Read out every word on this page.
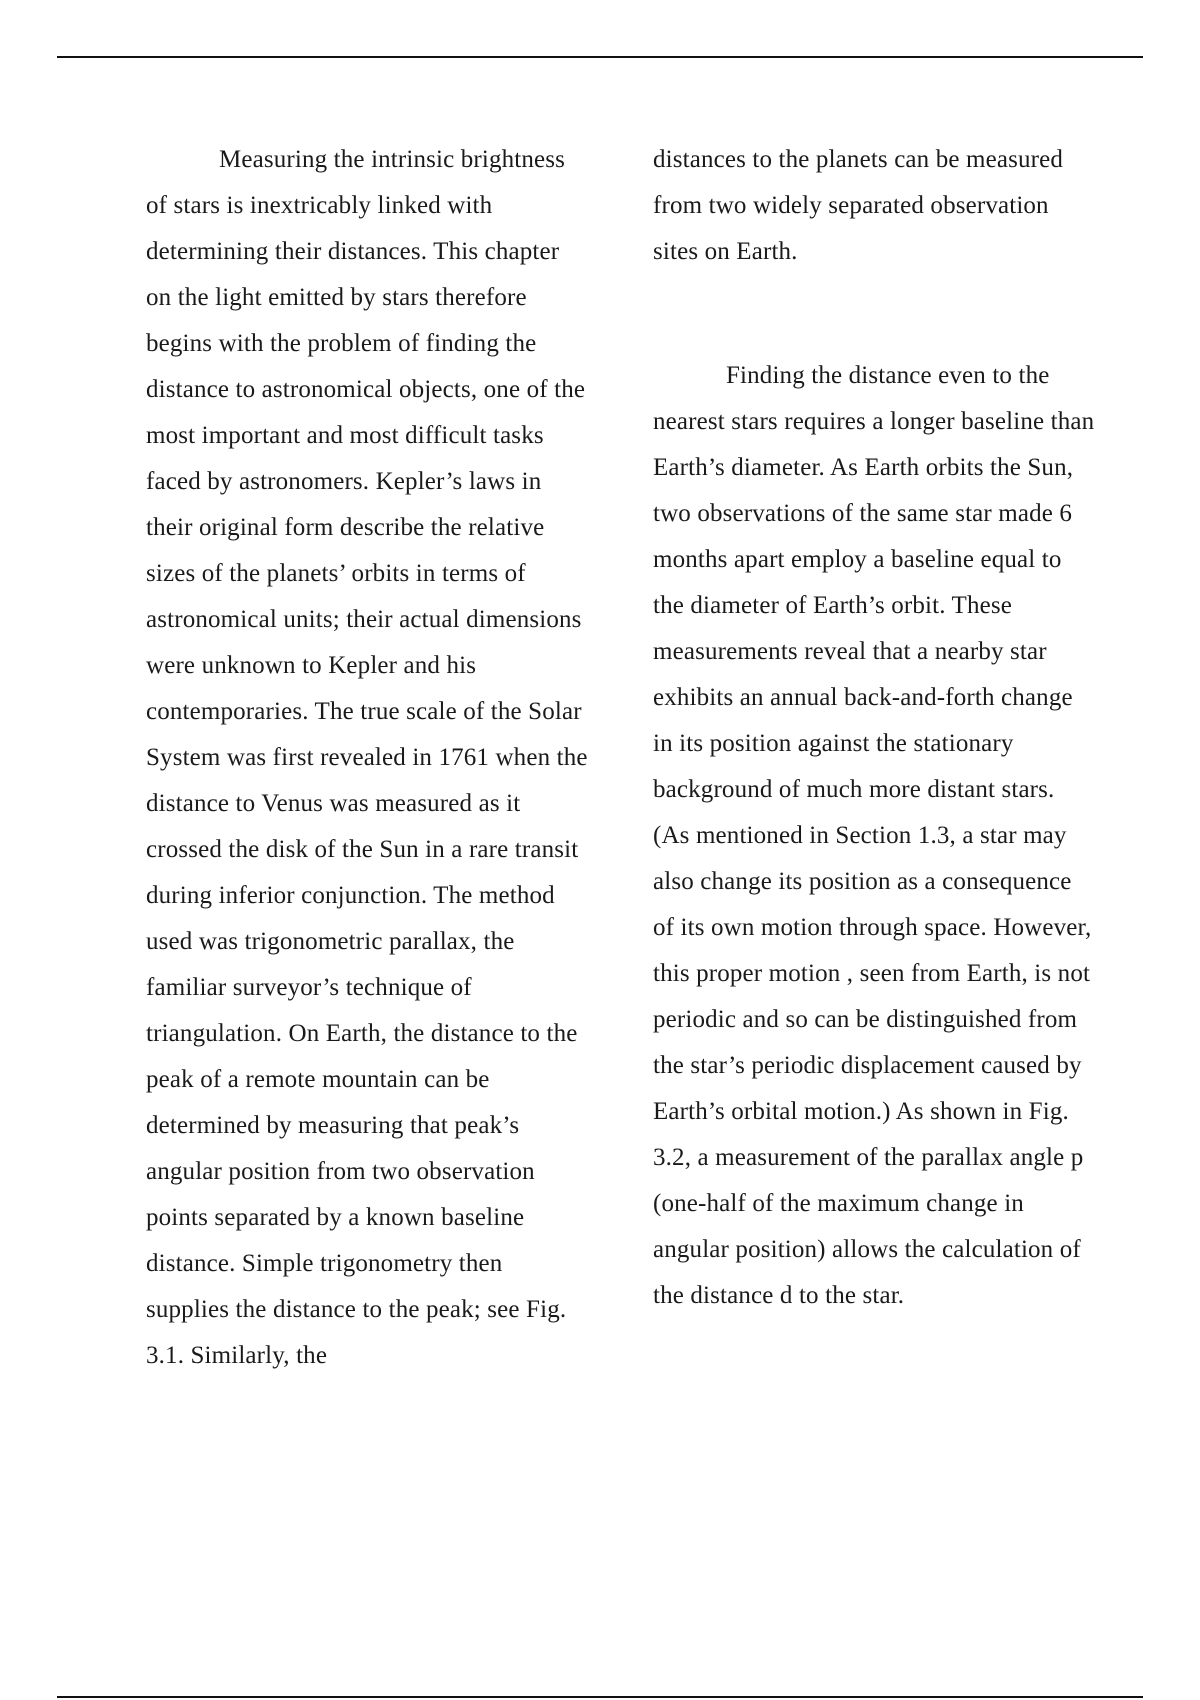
Measuring the intrinsic brightness of stars is inextricably linked with determining their distances. This chapter on the light emitted by stars therefore begins with the problem of finding the distance to astronomical objects, one of the most important and most difficult tasks faced by astronomers. Kepler’s laws in their original form describe the relative sizes of the planets’ orbits in terms of astronomical units; their actual dimensions were unknown to Kepler and his contemporaries. The true scale of the Solar System was first revealed in 1761 when the distance to Venus was measured as it crossed the disk of the Sun in a rare transit during inferior conjunction. The method used was trigonometric parallax, the familiar surveyor’s technique of triangulation. On Earth, the distance to the peak of a remote mountain can be determined by measuring that peak’s angular position from two observation points separated by a known baseline distance. Simple trigonometry then supplies the distance to the peak; see Fig. 3.1. Similarly, the

distances to the planets can be measured from two widely separated observation sites on Earth.

Finding the distance even to the nearest stars requires a longer baseline than Earth’s diameter. As Earth orbits the Sun, two observations of the same star made 6 months apart employ a baseline equal to the diameter of Earth’s orbit. These measurements reveal that a nearby star exhibits an annual back-and-forth change in its position against the stationary background of much more distant stars. (As mentioned in Section 1.3, a star may also change its position as a consequence of its own motion through space. However, this proper motion , seen from Earth, is not periodic and so can be distinguished from the star’s periodic displacement caused by Earth’s orbital motion.) As shown in Fig. 3.2, a measurement of the parallax angle p (one-half of the maximum change in angular position) allows the calculation of the distance d to the star.
